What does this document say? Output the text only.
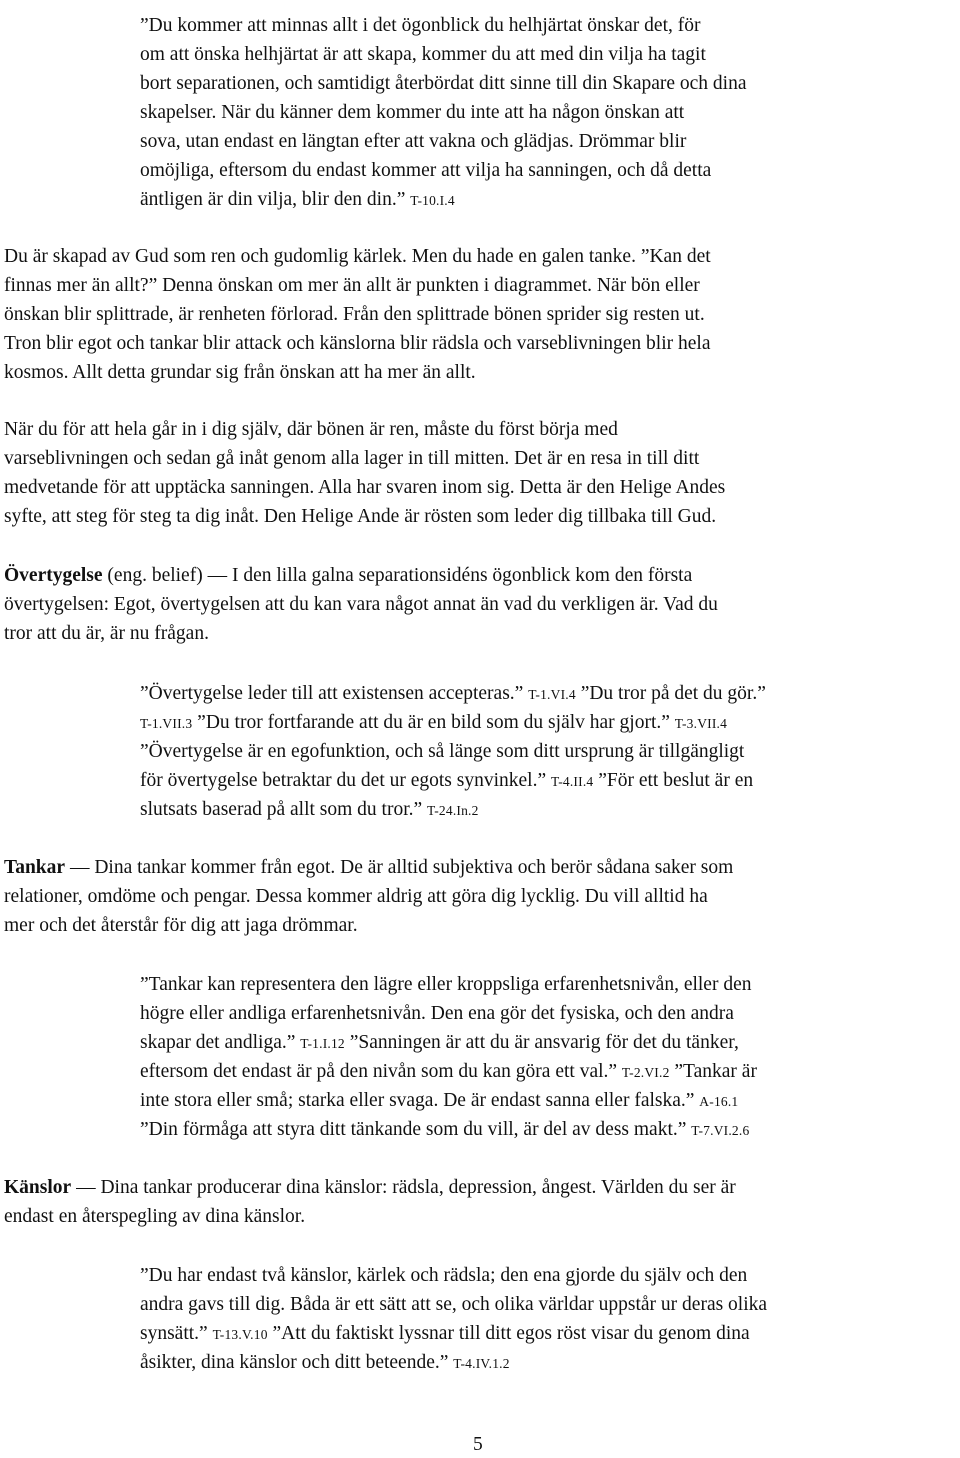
”Du kommer att minnas allt i det ögonblick du helhjärtat önskar det, för
om att önska helhjärtat är att skapa, kommer du att med din vilja ha tagit
bort separationen, och samtidigt återbördat ditt sinne till din Skapare och dina
skapelser. När du känner dem kommer du inte att ha någon önskan att
sova, utan endast en längtan efter att vakna och glädjas. Drömmar blir
omöjliga, eftersom du endast kommer att vilja ha sanningen, och då detta
äntligen är din vilja, blir den din.” T-10.I.4
Du är skapad av Gud som ren och gudomlig kärlek. Men du hade en galen tanke. ”Kan det
finnas mer än allt?” Denna önskan om mer än allt är punkten i diagrammet. När bön eller
önskan blir splittrade, är renheten förlorad. Från den splittrade bönen sprider sig resten ut.
Tron blir egot och tankar blir attack och känslorna blir rädsla och varseblivningen blir hela
kosmos. Allt detta grundar sig från önskan att ha mer än allt.
När du för att hela går in i dig själv, där bönen är ren, måste du först börja med
varseblivningen och sedan gå inåt genom alla lager in till mitten. Det är en resa in till ditt
medvetande för att upptäcka sanningen. Alla har svaren inom sig. Detta är den Helige Andes
syfte, att steg för steg ta dig inåt. Den Helige Ande är rösten som leder dig tillbaka till Gud.
Övertygelse (eng. belief) — I den lilla galna separationsidéns ögonblick kom den första
övertygelsen: Egot, övertygelsen att du kan vara något annat än vad du verkligen är. Vad du
tror att du är, är nu frågan.
”Övertygelse leder till att existensen accepteras.” T-1.VI.4 ”Du tror på det du gör.”
T-1.VII.3 ”Du tror fortfarande att du är en bild som du själv har gjort.” T-3.VII.4
”Övertygelse är en egofunktion, och så länge som ditt ursprung är tillgängligt
för övertygelse betraktar du det ur egots synvinkel.” T-4.II.4 ”För ett beslut är en
slutsats baserad på allt som du tror.” T-24.In.2
Tankar — Dina tankar kommer från egot. De är alltid subjektiva och berör sådana saker som
relationer, omdöme och pengar. Dessa kommer aldrig att göra dig lycklig. Du vill alltid ha
mer och det återstår för dig att jaga drömmar.
”Tankar kan representera den lägre eller kroppsliga erfarenhetsnivån, eller den
högre eller andliga erfarenhetsnivån. Den ena gör det fysiska, och den andra
skapar det andliga.” T-1.I.12 ”Sanningen är att du är ansvarig för det du tänker,
eftersom det endast är på den nivån som du kan göra ett val.” T-2.VI.2 ”Tankar är
inte stora eller små; starka eller svaga. De är endast sanna eller falska.” A-16.1
”Din förmåga att styra ditt tänkande som du vill, är del av dess makt.” T-7.VI.2.6
Känslor — Dina tankar producerar dina känslor: rädsla, depression, ångest. Världen du ser är
endast en återspegling av dina känslor.
”Du har endast två känslor, kärlek och rädsla; den ena gjorde du själv och den
andra gavs till dig. Båda är ett sätt att se, och olika världar uppstår ur deras olika
synsätt.” T-13.V.10 ”Att du faktiskt lyssnar till ditt egos röst visar du genom dina
åsikter, dina känslor och ditt beteende.” T-4.IV.1.2
5
